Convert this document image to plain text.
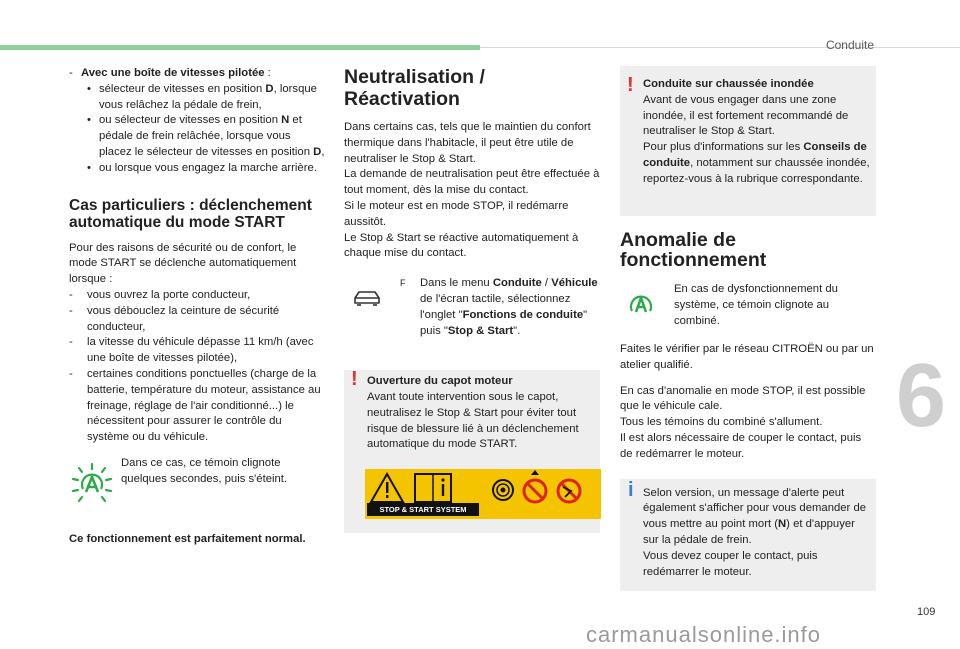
Conduite
6
109
carmanualsonline.info

- Avec une boîte de vitesses pilotée :

• sélecteur de vitesses en position D, lorsque vous relâchez la pédale de frein,

• ou sélecteur de vitesses en position N et pédale de frein relâchée, lorsque vous placez le sélecteur de vitesses en position D,

• ou lorsque vous engagez la marche arrière.

Cas particuliers : déclenchement automatique du mode START

Pour des raisons de sécurité ou de confort, le mode START se déclenche automatiquement lorsque :

- vous ouvrez la porte conducteur,

- vous débouclez la ceinture de sécurité conducteur,

- la vitesse du véhicule dépasse 11 km/h (avec une boîte de vitesses pilotée),

- certaines conditions ponctuelles (charge de la batterie, température du moteur, assistance au freinage, réglage de l'air conditionné...) le nécessitent pour assurer le contrôle du système ou du véhicule.

Dans ce cas, ce témoin clignote quelques secondes, puis s'éteint.

Ce fonctionnement est parfaitement normal.

Neutralisation / Réactivation

Dans certains cas, tels que le maintien du confort thermique dans l'habitacle, il peut être utile de neutraliser le Stop & Start.
La demande de neutralisation peut être effectuée à tout moment, dès la mise du contact.
Si le moteur est en mode STOP, il redémarre aussitôt.
Le Stop & Start se réactive automatiquement à chaque mise du contact.

F Dans le menu Conduite / Véhicule de l'écran tactile, sélectionnez l'onglet "Fonctions de conduite" puis "Stop & Start".

! Ouverture du capot moteur

Avant toute intervention sous le capot, neutralisez le Stop & Start pour éviter tout risque de blessure lié à un déclenchement automatique du mode START.

STOP & START SYSTEM
! Conduite sur chaussée inondée

Avant de vous engager dans une zone inondée, il est fortement recommandé de neutraliser le Stop & Start.
Pour plus d'informations sur les Conseils de conduite, notamment sur chaussée inondée, reportez-vous à la rubrique correspondante.

Anomalie de fonctionnement

En cas de dysfonctionnement du système, ce témoin clignote au combiné.

Faites le vérifier par le réseau CITROËN ou par un atelier qualifié.

En cas d'anomalie en mode STOP, il est possible que le véhicule cale.
Tous les témoins du combiné s'allument.
Il est alors nécessaire de couper le contact, puis de redémarrer le moteur.

i Selon version, un message d'alerte peut également s'afficher pour vous demander de vous mettre au point mort (N) et d'appuyer sur la pédale de frein.
Vous devez couper le contact, puis redémarrer le moteur.
